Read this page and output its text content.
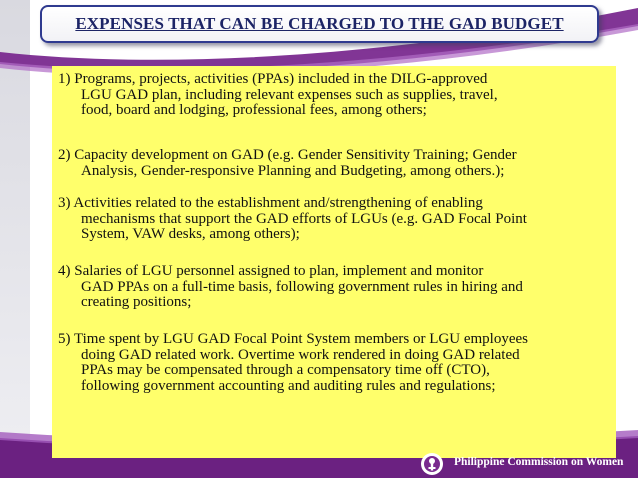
EXPENSES THAT CAN BE CHARGED TO THE GAD BUDGET
1) Programs, projects, activities (PPAs) included in the DILG-approved
LGU GAD plan, including relevant expenses such as supplies, travel,
food, board and lodging, professional fees, among others;
2) Capacity development on GAD (e.g. Gender Sensitivity Training; Gender
Analysis, Gender-responsive Planning and Budgeting, among others.);
3) Activities related to the establishment and/strengthening of enabling
mechanisms that support the GAD efforts of LGUs (e.g. GAD Focal Point
System, VAW desks, among others);
4) Salaries of LGU personnel assigned to plan, implement and monitor
GAD PPAs on a full-time basis, following government rules in hiring and
creating positions;
5) Time spent by LGU GAD Focal Point System members or LGU employees
doing GAD related work. Overtime work rendered in doing GAD related
PPAs may be compensated through a compensatory time off (CTO),
following government accounting and auditing rules and regulations;
Philippine Commission on Women
